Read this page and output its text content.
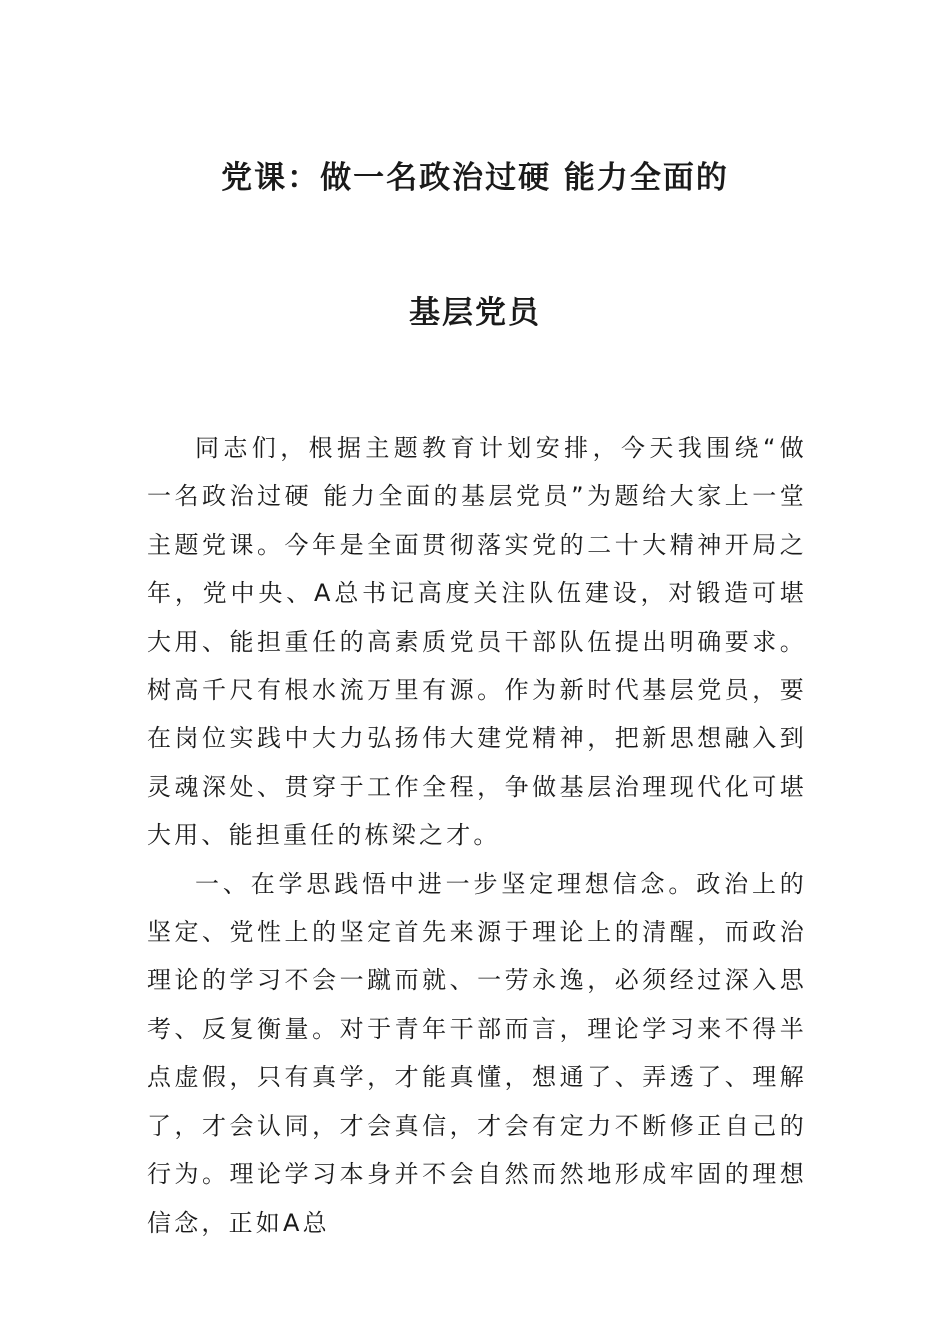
党课：做一名政治过硬 能力全面的
基层党员

同志们，根据主题教育计划安排，今天我围绕“做一名政治过硬 能力全面的基层党员”为题给大家上一堂主题党课。今年是全面贯彻落实党的二十大精神开局之年，党中央、A总书记高度关注队伍建设，对锻造可堪大用、能担重任的高素质党员干部队伍提出明确要求。树高千尺有根水流万里有源。作为新时代基层党员，要在岗位实践中大力弘扬伟大建党精神，把新思想融入到灵魂深处、贯穿于工作全程，争做基层治理现代化可堪大用、能担重任的栋梁之才。

一、在学思践悟中进一步坚定理想信念。政治上的坚定、党性上的坚定首先来源于理论上的清醒，而政治理论的学习不会一蹴而就、一劳永逸，必须经过深入思考、反复衡量。对于青年干部而言，理论学习来不得半点虚假，只有真学，才能真懂，想通了、弄透了、理解了，才会认同，才会真信，才会有定力不断修正自己的行为。理论学习本身并不会自然而然地形成牢固的理想信念，正如A总
